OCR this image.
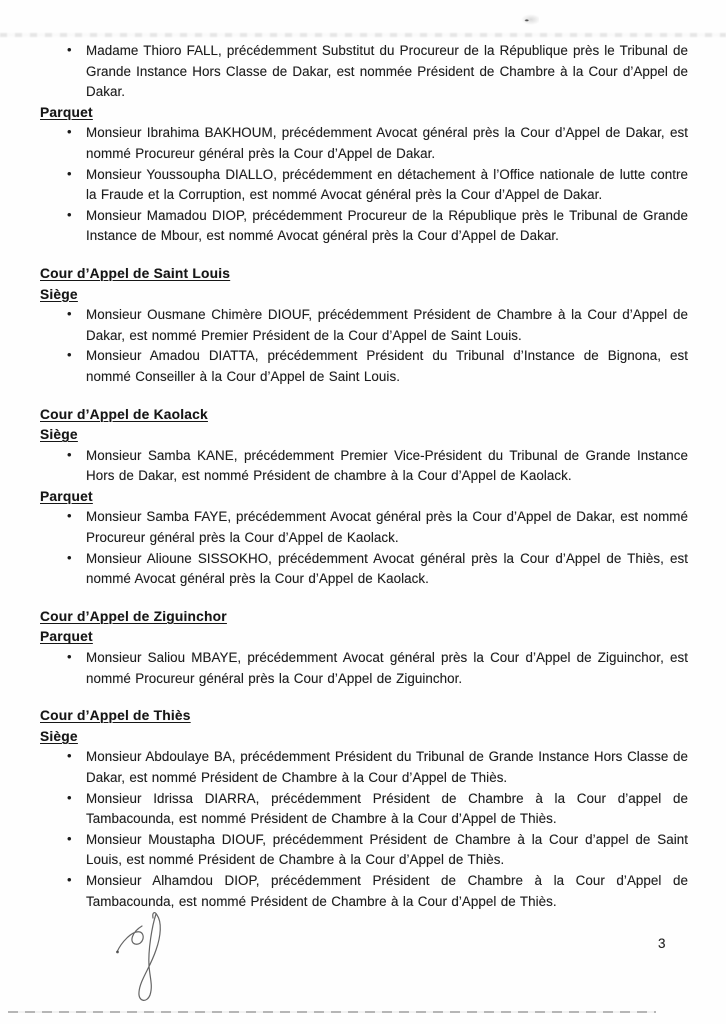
• Madame Thioro FALL, précédemment Substitut du Procureur de la République près le Tribunal de Grande Instance Hors Classe de Dakar, est nommée Président de Chambre à la Cour d’Appel de Dakar.
Parquet
• Monsieur Ibrahima BAKHOUM, précédemment Avocat général près la Cour d’Appel de Dakar, est nommé Procureur général près la Cour d’Appel de Dakar.
• Monsieur Youssoupha DIALLO, précédemment en détachement à l’Office nationale de lutte contre la Fraude et la Corruption, est nommé Avocat général près la Cour d’Appel de Dakar.
• Monsieur Mamadou DIOP, précédemment Procureur de la République près le Tribunal de Grande Instance de Mbour, est nommé Avocat général près la Cour d’Appel de Dakar.
Cour d’Appel de Saint Louis
Siège
• Monsieur Ousmane Chimère DIOUF, précédemment Président de Chambre à la Cour d’Appel de Dakar, est nommé Premier Président de la Cour d’Appel de Saint Louis.
• Monsieur Amadou DIATTA, précédemment Président du Tribunal d’Instance de Bignona, est nommé Conseiller à la Cour d’Appel de Saint Louis.
Cour d’Appel de Kaolack
Siège
• Monsieur Samba KANE, précédemment Premier Vice-Président du Tribunal de Grande Instance Hors de Dakar, est nommé Président de chambre à la Cour d’Appel de Kaolack.
Parquet
• Monsieur Samba FAYE, précédemment Avocat général près la Cour d’Appel de Dakar, est nommé Procureur général près la Cour d’Appel de Kaolack.
• Monsieur Alioune SISSOKHO, précédemment Avocat général près la Cour d’Appel de Thiès, est nommé Avocat général près la Cour d’Appel de Kaolack.
Cour d’Appel de Ziguinchor
Parquet
• Monsieur Saliou MBAYE, précédemment Avocat général près la Cour d’Appel de Ziguinchor, est nommé Procureur général près la Cour d’Appel de Ziguinchor.
Cour d’Appel de Thiès
Siège
• Monsieur Abdoulaye BA, précédemment Président du Tribunal de Grande Instance Hors Classe de Dakar, est nommé Président de Chambre à la Cour d’Appel de Thiès.
• Monsieur Idrissa DIARRA, précédemment Président de Chambre à la Cour d’appel de Tambacounda, est nommé Président de Chambre à la Cour d’Appel de Thiès.
• Monsieur Moustapha DIOUF, précédemment Président de Chambre à la Cour d’appel de Saint Louis, est nommé Président de Chambre à la Cour d’Appel de Thiès.
• Monsieur Alhamdou DIOP, précédemment Président de Chambre à la Cour d’Appel de Tambacounda, est nommé Président de Chambre à la Cour d’Appel de Thiès.
3
